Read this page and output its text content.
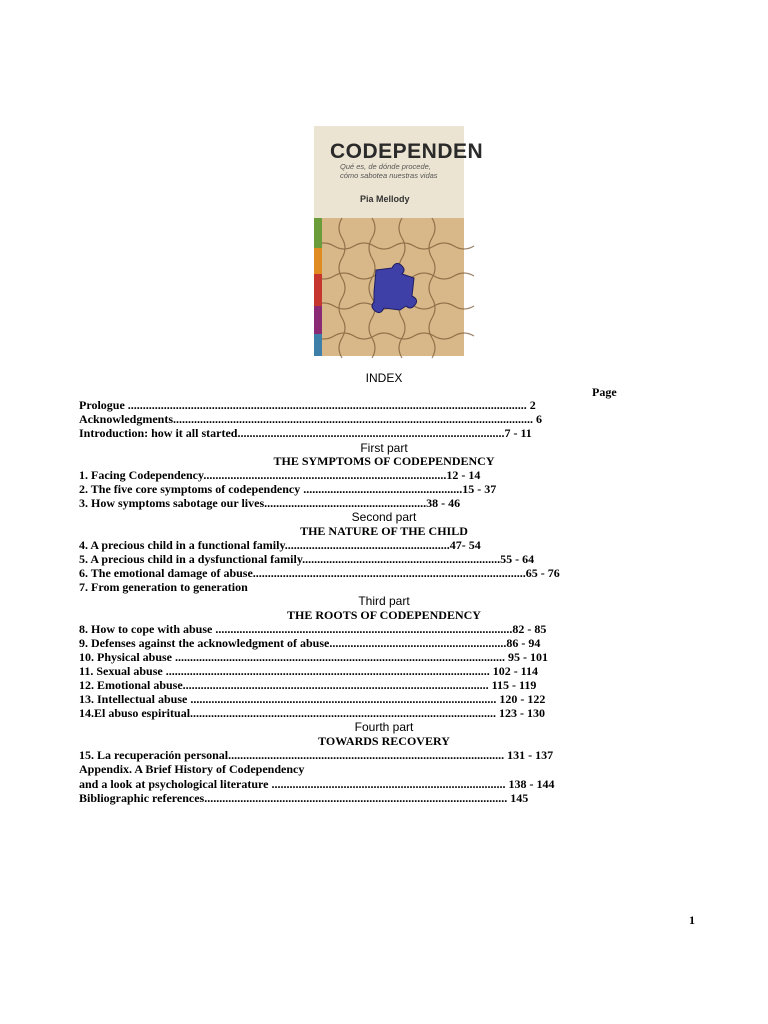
CODEPENDEN
Qué es, de dónde procede, cómo sabotea nuestras vidas
Pia Mellody
INDEX
Page
Prologue ..................................................................................................................................... 2
Acknowledgments........................................................................................................................ 6
Introduction: how it all started.........................................................................................7 - 11
First part
THE SYMPTOMS OF CODEPENDENCY
1. Facing Codependency.................................................................................12 - 14
2. The five core symptoms of codependency .....................................................15 - 37
3. How symptoms sabotage our lives......................................................38 - 46
Second part
THE NATURE OF THE CHILD
4. A precious child in a functional family.......................................................47- 54
5. A precious child in a dysfunctional family..................................................................55 - 64
6. The emotional damage of abuse...........................................................................................65 - 76
7. From generation to generation
Third part
THE ROOTS OF CODEPENDENCY
8. How to cope with abuse ...................................................................................................82 - 85
9. Defenses against the acknowledgment of abuse...........................................................86 - 94
10. Physical abuse .............................................................................................................. 95 - 101
11. Sexual abuse ............................................................................................................ 102 - 114
12. Emotional abuse...................................................................................................... 115 - 119
13. Intellectual abuse ...................................................................................................... 120 - 122
14.El abuso espiritual...................................................................................................... 123 - 130
Fourth part
TOWARDS RECOVERY
15. La recuperación personal............................................................................................ 131 - 137
Appendix. A Brief History of Codependency
and a look at psychological literature .............................................................................. 138 - 144
Bibliographic references..................................................................................................... 145
1
